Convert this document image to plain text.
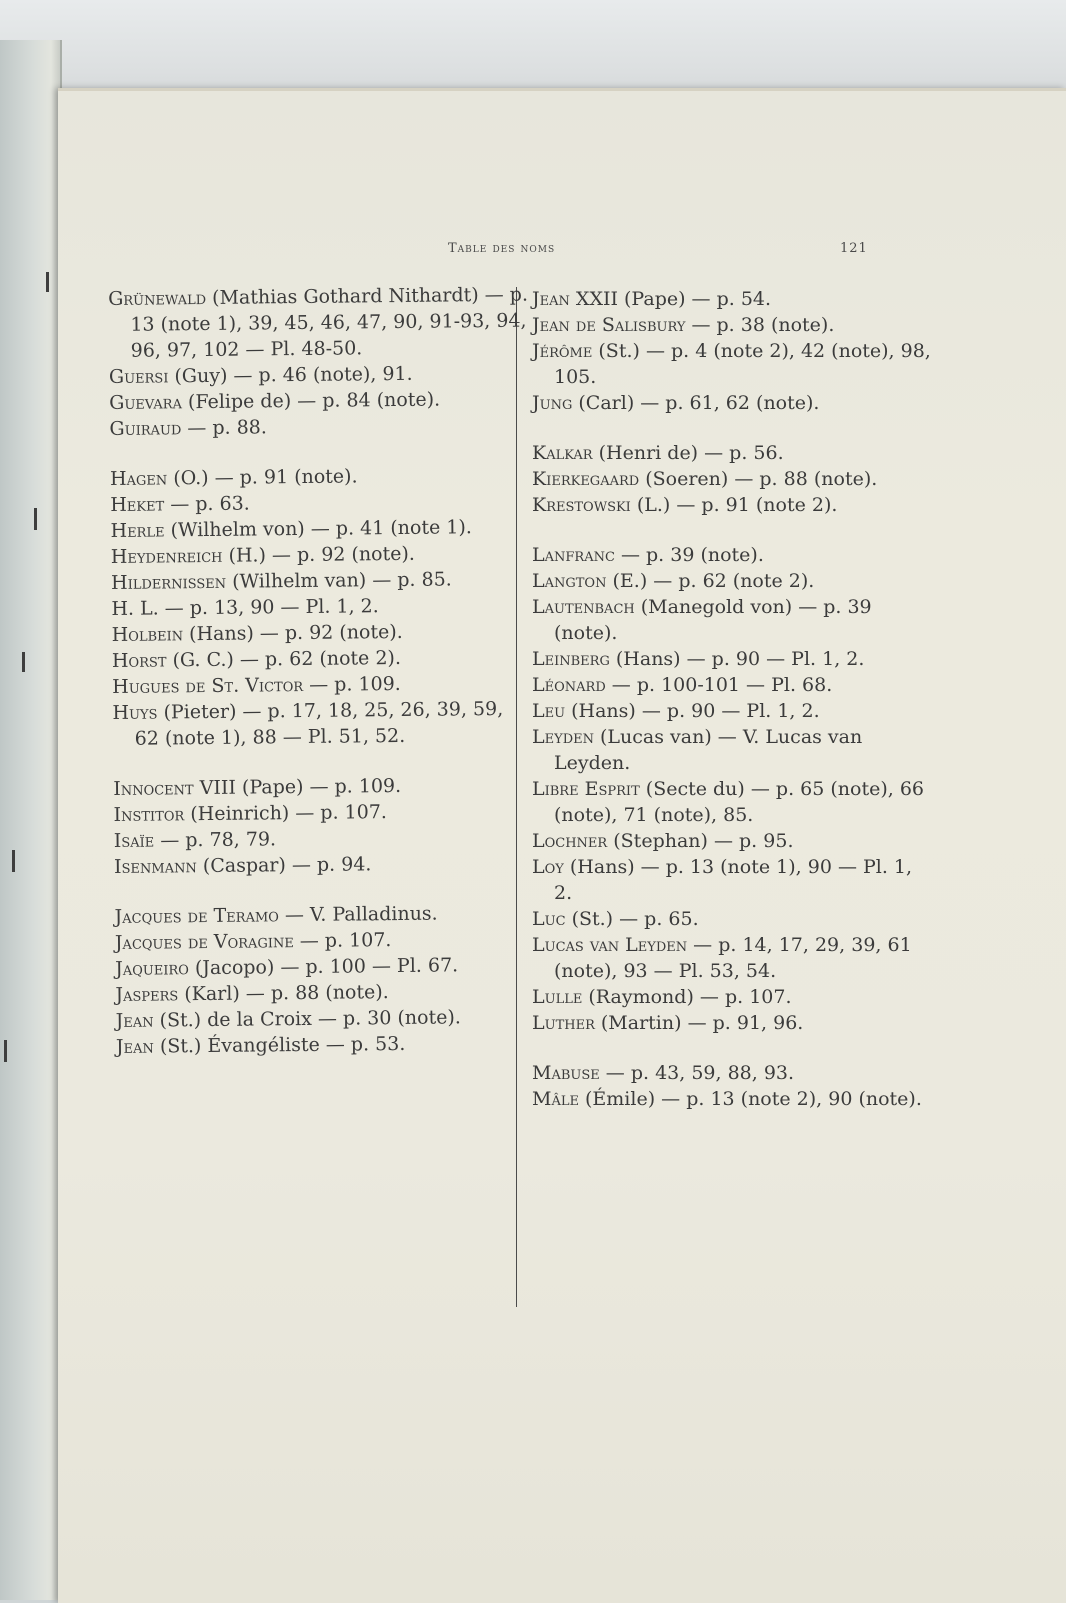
Table des noms	121

Grünewald (Mathias Gothard Nithardt) — p. 13 (note 1), 39, 45, 46, 47, 90, 91-93, 94, 96, 97, 102 — Pl. 48-50.

Guersi (Guy) — p. 46 (note), 91.

Guevara (Felipe de) — p. 84 (note).

Guiraud — p. 88.

Hagen (O.) — p. 91 (note).

Heket — p. 63.

Herle (Wilhelm von) — p. 41 (note 1).

Heydenreich (H.) — p. 92 (note).

Hildernissen (Wilhelm van) — p. 85.

H. L. — p. 13, 90 — Pl. 1, 2.

Holbein (Hans) — p. 92 (note).

Horst (G. C.) — p. 62 (note 2).

Hugues de St. Victor — p. 109.

Huys (Pieter) — p. 17, 18, 25, 26, 39, 59, 62 (note 1), 88 — Pl. 51, 52.

Innocent VIII (Pape) — p. 109.

Institor (Heinrich) — p. 107.

Isaïe — p. 78, 79.

Isenmann (Caspar) — p. 94.

Jacques de Teramo — V. Palladinus.

Jacques de Voragine — p. 107.

Jaqueiro (Jacopo) — p. 100 — Pl. 67.

Jaspers (Karl) — p. 88 (note).

Jean (St.) de la Croix — p. 30 (note).

Jean (St.) Évangéliste — p. 53.

Jean XXII (Pape) — p. 54.

Jean de Salisbury — p. 38 (note).

Jérôme (St.) — p. 4 (note 2), 42 (note), 98, 105.

Jung (Carl) — p. 61, 62 (note).

Kalkar (Henri de) — p. 56.

Kierkegaard (Soeren) — p. 88 (note).

Krestowski (L.) — p. 91 (note 2).

Lanfranc — p. 39 (note).

Langton (E.) — p. 62 (note 2).

Lautenbach (Manegold von) — p. 39 (note).

Leinberg (Hans) — p. 90 — Pl. 1, 2.

Léonard — p. 100-101 — Pl. 68.

Leu (Hans) — p. 90 — Pl. 1, 2.

Leyden (Lucas van) — V. Lucas van Leyden.

Libre Esprit (Secte du) — p. 65 (note), 66 (note), 71 (note), 85.

Lochner (Stephan) — p. 95.

Loy (Hans) — p. 13 (note 1), 90 — Pl. 1, 2.

Luc (St.) — p. 65.

Lucas van Leyden — p. 14, 17, 29, 39, 61 (note), 93 — Pl. 53, 54.

Lulle (Raymond) — p. 107.

Luther (Martin) — p. 91, 96.

Mabuse — p. 43, 59, 88, 93.

Mâle (Émile) — p. 13 (note 2), 90 (note).
